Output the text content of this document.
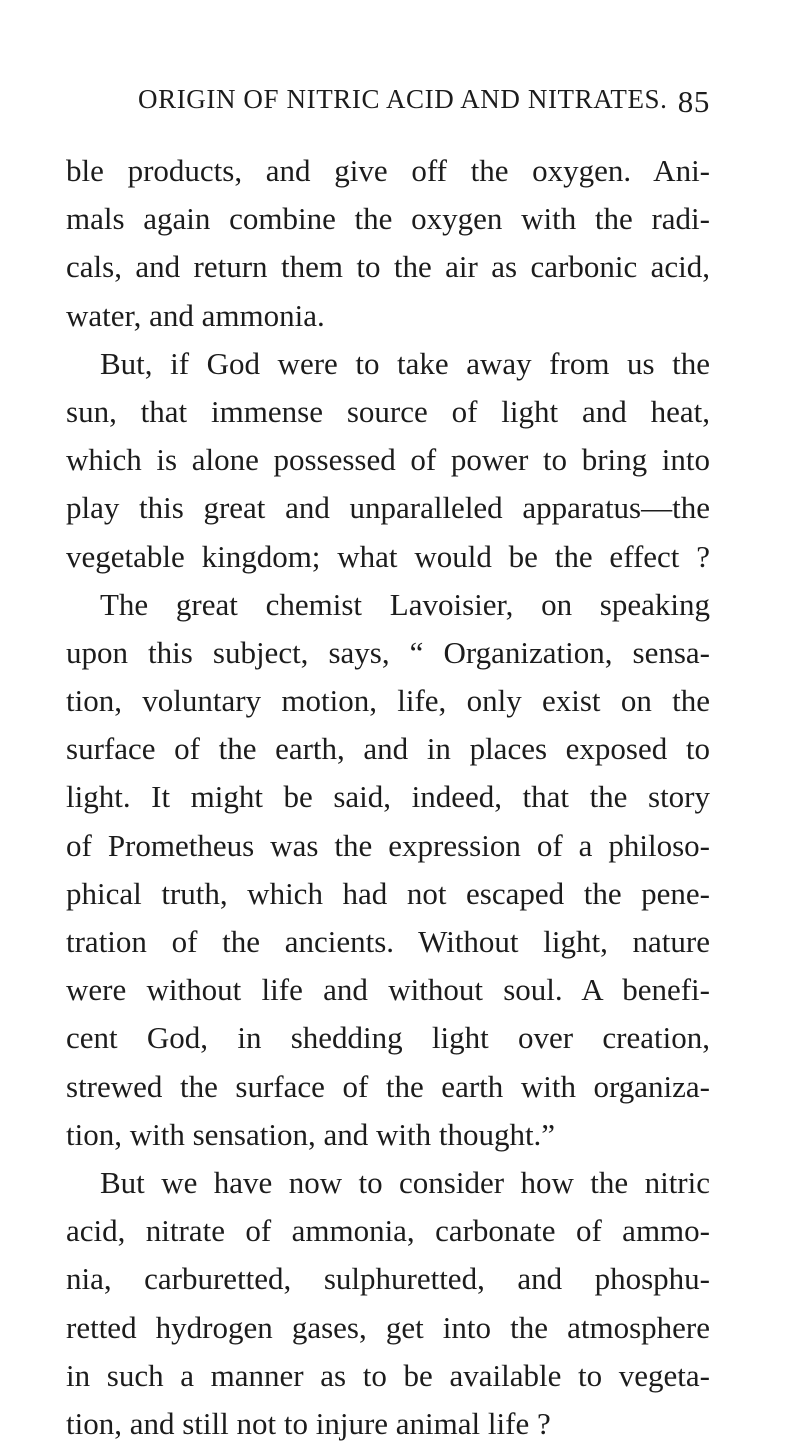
ORIGIN OF NITRIC ACID AND NITRATES. 85
ble products, and give off the oxygen. Ani-
mals again combine the oxygen with the radi-
cals, and return them to the air as carbonic acid,
water, and ammonia.
But, if God were to take away from us the
sun, that immense source of light and heat,
which is alone possessed of power to bring into
play this great and unparalleled apparatus—the
vegetable kingdom; what would be the effect ?
The great chemist Lavoisier, on speaking
upon this subject, says, “ Organization, sensa-
tion, voluntary motion, life, only exist on the
surface of the earth, and in places exposed to
light. It might be said, indeed, that the story
of Prometheus was the expression of a philoso-
phical truth, which had not escaped the pene-
tration of the ancients. Without light, nature
were without life and without soul. A benefi-
cent God, in shedding light over creation,
strewed the surface of the earth with organiza-
tion, with sensation, and with thought.”
But we have now to consider how the nitric
acid, nitrate of ammonia, carbonate of ammo-
nia, carburetted, sulphuretted, and phosphu-
retted hydrogen gases, get into the atmosphere
in such a manner as to be available to vegeta-
tion, and still not to injure animal life ?
